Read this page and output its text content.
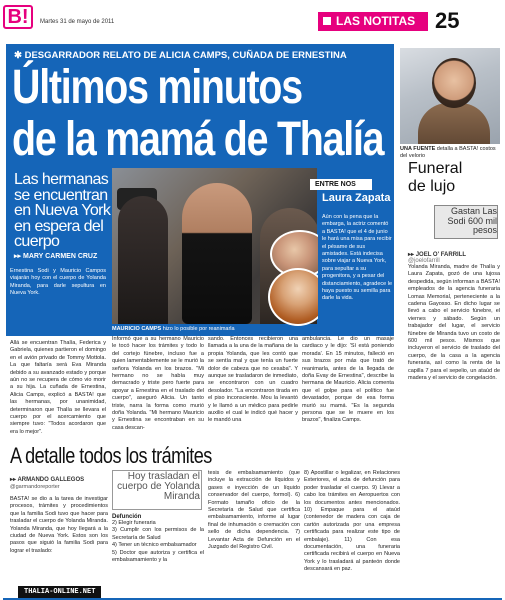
B!	Martes 31 de mayo de 2011	LAS NOTITAS 25
✱ DESGARRADOR RELATO DE ALICIA CAMPS, CUÑADA DE ERNESTINA
Últimos minutos
de la mamá de Thalía
Las hermanas se encuentran en Nueva York en espera del cuerpo
▸▸ MARY CARMEN CRUZ
MAURICIO CAMPS hizo lo posible por reanimarla
Ernestina Sodi y Mauricio Campos viajarán hoy con el cuerpo de Yolanda Miranda, para darle sepultura en Nueva York.
Allá se encuentran Thalía, Federica y Gabriela, quienes partieron el domingo en el avión privado de Tommy Mottola. La que faltaría será Eva Miranda debido a su avanzado estado y porque aún no se recupera de cómo vio morir a su hija. La cuñada de Ernestina, Alicia Camps, explicó a BASTA! que las hermanas, por unanimidad, determinaron que Thalía se llevara el cuerpo por el acercamiento que siempre tuvo: "Todos acordaron que era lo mejor".
Informó que a su hermano Mauricio le tocó hacer los trámites y todo lo del cortejo fúnebre, incluso fue a quien lamentablemente se le murió la señora Yolanda en los brazos. "Mi hermano no se había muy demacrado y triste pero fuerte para apoyar a Ernestina en el traslado del cuerpo", aseguró Alicia. Un tanto triste, narra la forma como murió doña Yolanda. "Mi hermano Mauricio y Ernestina se encontraban en su casa descan-
sando. Entonces recibieron una llamada a la una de la mañana de la propia Yolanda, que les contó que se sentía mal y que tenía un fuerte dolor de cabeza que no cesaba". Y aunque se trasladaron de inmediato, se encontraron con un cuadro desolador. "La encontraron tirada en el piso inconsciente. Mou la levantó y le llamó a un médico para pedirle auxilio el cual le indicó qué hacer y le mandó una
ambulancia. Le dio un masaje cardiaco y le dijo: 'Sí está poniendo morada'. En 15 minutos, falleció en sus brazos por más que trató de reanimarla, antes de la llegada de doña Evay de Ernestina", describe la hermana de Mauricio. Alicia comenta que el golpe para el político fue devastador, porque de esa forma murió su mamá. "Es la segunda persona que se le muere en los brazos", finaliza Camps.
ENTRE NOS
Laura Zapata
Aún con la pena que la embarga, la actriz comentó a BASTA! que el 4 de junio le hará una misa para recibir el pésame de sus amistades. Está indecisa sobre viajar a Nueva York, para sepultar a su progenitora, y a pesar del distanciamiento, agradece le haya puesto su semilla para darle la vida.
UNA FUENTE detalla a BASTA! costos del velorio
Funeral
de lujo
Gastan Las Sodi 600 mil pesos
▸▸ JOEL O' FARRILL
@joelofarrill
Yolanda Miranda, madre de Thalía y Laura Zapata, gozó de una lujosa despedida, según informan a BASTA! empleados de la agencia funeraria Lomas Memorial, perteneciente a la cadena Gayosso. En dicho lugar se llevó a cabo el servicio fúnebre, el viernes y sábado. Según un trabajador del lugar, el servicio fúnebre de Miranda tuvo un costo de 600 mil pesos. Mismos que incluyeron el servicio de traslado del cuerpo, de la casa a la agencia funeraria, así como la renta de la capilla 7 para el sepelio, un ataúd de madera y el servicio de congelación.
A detalle todos los trámites
▸▸ ARMANDO GALLEGOS
@garmandoreporter
BASTA! se dio a la tarea de investigar procesos, trámites y procedimientos que la familia Sodi tuvo que hacer para trasladar el cuerpo de Yolanda Miranda. Yolanda Miranda, que hoy llegará a la ciudad de Nueva York. Estos son los pasos que siguió la familia Sodi para lograr el traslado:
Hoy trasladan el cuerpo de Yolanda Miranda
Defunción
2) Elegir funeraria
3) Cumplir con los permisos de la Secretaría de Salud
4) Tener un técnico embalsamador
5) Doctor que autoriza y certifica el embalsamamiento y la
tesis de embalsamamiento (que incluye la extracción de líquidos y gases e inyección de un líquido conservador del cuerpo, formol). 6) Formato tamaño oficio de la Secretaría de Salud que certifica embalsamamiento, informe al lugar final de inhumación o cremación con sello de dicha dependencia. 7) Levantar Acta de Defunción en el Juzgado del Registro Civil.
8) Apostillar o legalizar, en Relaciones Exteriores, el acta de defunción para poder trasladar el cuerpo. 9) Llevar a cabo los trámites en Aeropuertos con los documentos antes mencionados. 10) Empaque para el ataúd (contenedor de madera con caja de cartón autorizada por una empresa certificada para realizar este tipo de embalaje). 11) Con esa documentación, una funeraria certificada recibirá el cuerpo en Nueva York y lo trasladará al panteón donde descansará en paz.
THALIA-ONLINE.NET
